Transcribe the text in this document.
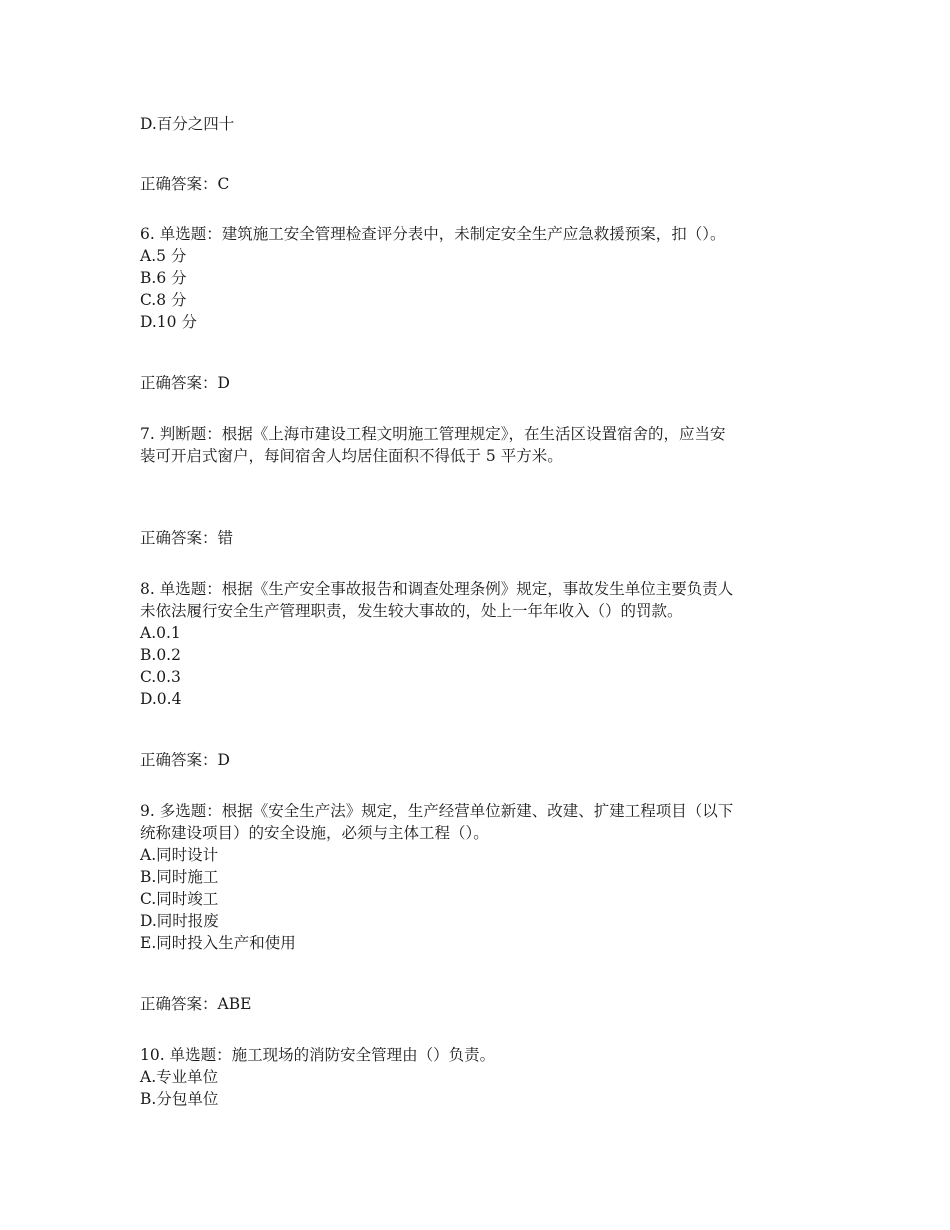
D.百分之四十

正确答案：C

6. 单选题：建筑施工安全管理检查评分表中，未制定安全生产应急救援预案，扣（）。

A.5 分

B.6 分

C.8 分

D.10 分

正确答案：D

7. 判断题：根据《上海市建设工程文明施工管理规定》，在生活区设置宿舍的，应当安

装可开启式窗户，每间宿舍人均居住面积不得低于 5 平方米。

正确答案：错

8. 单选题：根据《生产安全事故报告和调查处理条例》规定，事故发生单位主要负责人

未依法履行安全生产管理职责，发生较大事故的，处上一年年收入（）的罚款。

A.0.1

B.0.2

C.0.3

D.0.4

正确答案：D

9. 多选题：根据《安全生产法》规定，生产经营单位新建、改建、扩建工程项目（以下

统称建设项目）的安全设施，必须与主体工程（）。

A.同时设计

B.同时施工

C.同时竣工

D.同时报废

E.同时投入生产和使用

正确答案：ABE

10. 单选题：施工现场的消防安全管理由（）负责。

A.专业单位

B.分包单位
